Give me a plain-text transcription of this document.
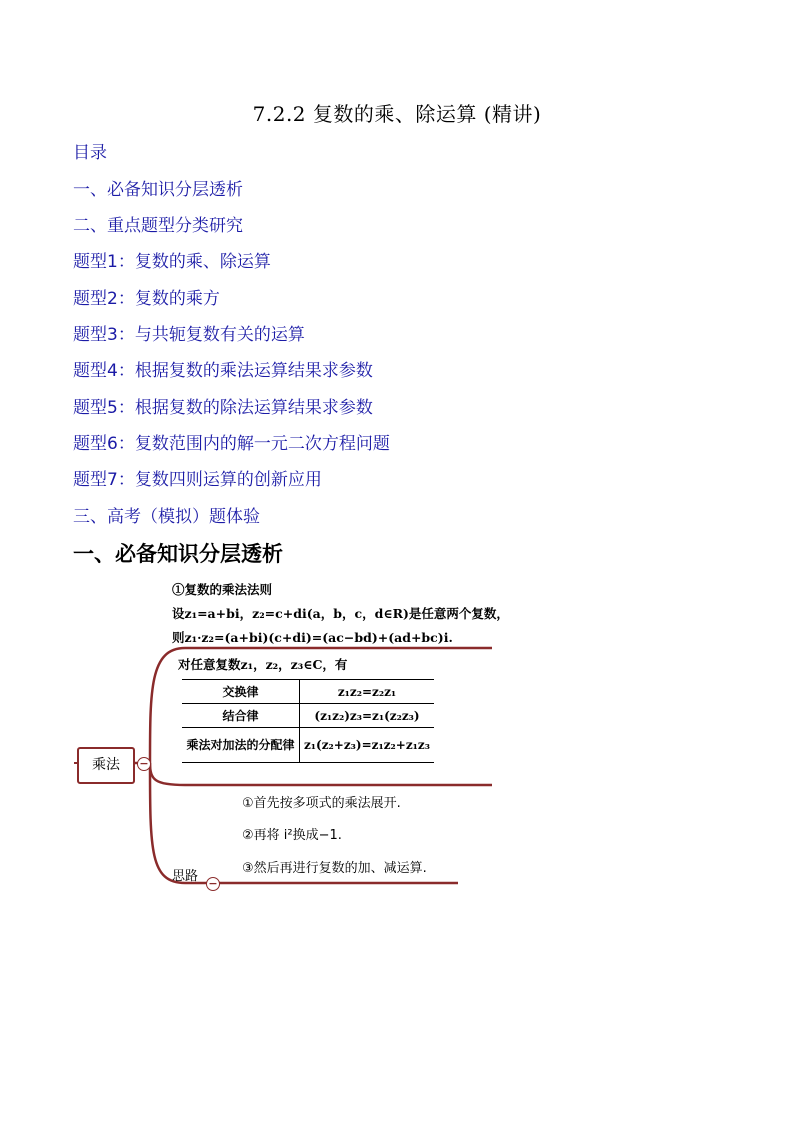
7.2.2 复数的乘、除运算 (精讲)
目录
一、必备知识分层透析
二、重点题型分类研究
题型1：复数的乘、除运算
题型2：复数的乘方
题型3：与共轭复数有关的运算
题型4：根据复数的乘法运算结果求参数
题型5：根据复数的除法运算结果求参数
题型6：复数范围内的解一元二次方程问题
题型7：复数四则运算的创新应用
三、高考（模拟）题体验
一、必备知识分层透析
①复数的乘法法则
设z₁=a+bi，z₂=c+di(a，b，c，d∈R)是任意两个复数，
则z₁·z₂=(a+bi)(c+di)=(ac−bd)+(ad+bc)i.
对任意复数z₁，z₂，z₃∈C，有
交换律	z₁z₂=z₂z₁
结合律	(z₁z₂)z₃=z₁(z₂z₃)
乘法对加法的分配律	z₁(z₂+z₃)=z₁z₂+z₁z₃
乘法	−
①首先按多项式的乘法展开.
②再将 i²换成−1.
③然后再进行复数的加、减运算.
思路 −
